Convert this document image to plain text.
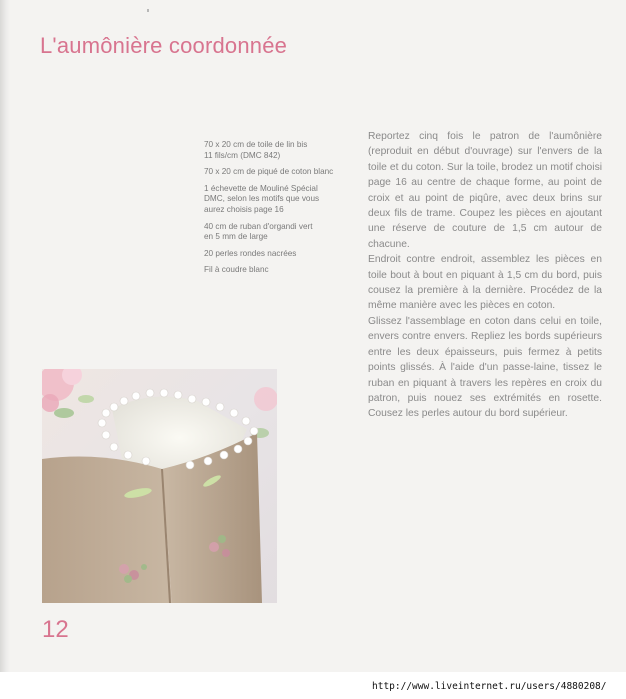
L'aumônière coordonnée

70 x 20 cm de toile de lin bis
11 fils/cm (DMC 842)

70 x 20 cm de piqué de coton blanc

1 échevette de Mouliné Spécial
DMC, selon les motifs que vous
aurez choisis page 16

40 cm de ruban d'organdi vert
en 5 mm de large

20 perles rondes nacrées

Fil à coudre blanc

Reportez cinq fois le patron de l'aumônière (reproduit en début d'ouvrage) sur l'envers de la toile et du coton. Sur la toile, brodez un motif choisi page 16 au centre de chaque forme, au point de croix et au point de piqûre, avec deux brins sur deux fils de trame. Coupez les pièces en ajoutant une réserve de couture de 1,5 cm autour de chacune.

Endroit contre endroit, assemblez les pièces en toile bout à bout en piquant à 1,5 cm du bord, puis cousez la première à la dernière. Procédez de la même manière avec les pièces en coton.

Glissez l'assemblage en coton dans celui en toile, envers contre envers. Repliez les bords supérieurs entre les deux épaisseurs, puis fermez à petits points glissés. À l'aide d'un passe-laine, tissez le ruban en piquant à travers les repères en croix du patron, puis nouez ses extrémités en rosette. Cousez les perles autour du bord supérieur.

12
http://www.liveinternet.ru/users/4880208/
